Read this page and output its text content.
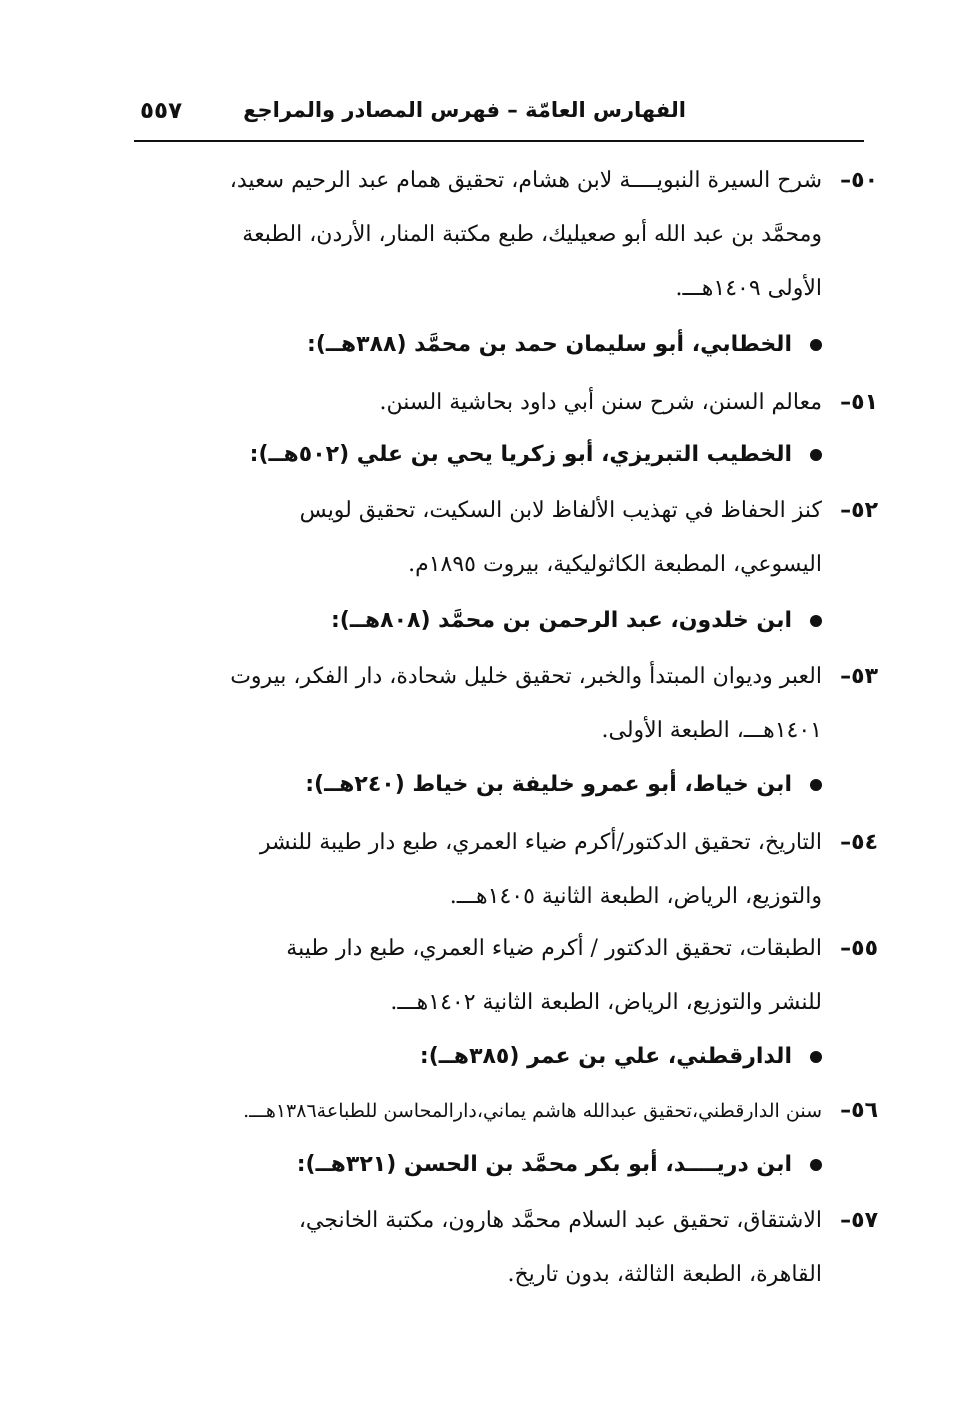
الفهارس العامّة – فهرس المصادر والمراجع
٥٥٧
٥٠–
شرح السيرة النبويــــة لابن هشام، تحقيق همام عبد الرحيم سعيد،
ومحمَّد بن عبد الله أبو صعيليك، طبع مكتبة المنار، الأردن، الطبعة
الأولى ١٤٠٩هـــ.
الخطابي، أبو سليمان حمد بن محمَّد (٣٨٨هــ):
٥١–
معالم السنن، شرح سنن أبي داود بحاشية السنن.
الخطيب التبريزي، أبو زكريا يحي بن علي (٥٠٢هــ):
٥٢–
كنز الحفاظ في تهذيب الألفاظ لابن السكيت، تحقيق لويس
اليسوعي، المطبعة الكاثوليكية، بيروت ١٨٩٥م.
ابن خلدون، عبد الرحمن بن محمَّد (٨٠٨هــ):
٥٣–
العبر وديوان المبتدأ والخبر، تحقيق خليل شحادة، دار الفكر، بيروت
١٤٠١هـــ، الطبعة الأولى.
ابن خياط، أبو عمرو خليفة بن خياط (٢٤٠هــ):
٥٤–
التاريخ، تحقيق الدكتور/أكرم ضياء العمري، طبع دار طيبة للنشر
والتوزيع، الرياض، الطبعة الثانية ١٤٠٥هـــ.
٥٥–
الطبقات، تحقيق الدكتور / أكرم ضياء العمري، طبع دار طيبة
للنشر والتوزيع، الرياض، الطبعة الثانية ١٤٠٢هـــ.
الدارقطني، علي بن عمر (٣٨٥هــ):
٥٦–
سنن الدارقطني،تحقيق عبدالله هاشم يماني،دارالمحاسن للطباعة١٣٨٦هـــ.
ابن دريــــد، أبو بكر محمَّد بن الحسن (٣٢١هــ):
٥٧–
الاشتقاق، تحقيق عبد السلام محمَّد هارون، مكتبة الخانجي،
القاهرة، الطبعة الثالثة، بدون تاريخ.
